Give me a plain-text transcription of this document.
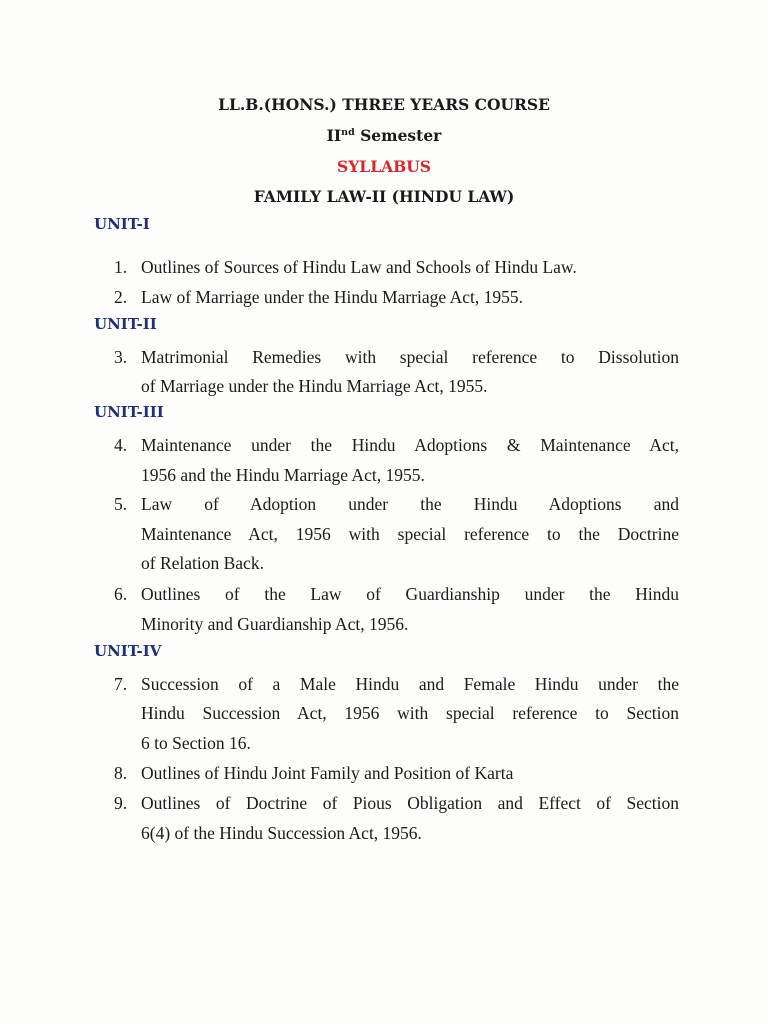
LL.B.(HONS.) THREE YEARS COURSE
IInd Semester
SYLLABUS
FAMILY LAW-II (HINDU LAW)
UNIT-I
1. Outlines of Sources of Hindu Law and Schools of Hindu Law.
2. Law of Marriage under the Hindu Marriage Act, 1955.
UNIT-II
3. Matrimonial Remedies with special reference to Dissolution
of Marriage under the Hindu Marriage Act, 1955.
UNIT-III
4. Maintenance under the Hindu Adoptions & Maintenance Act,
1956 and the Hindu Marriage Act, 1955.
5. Law of Adoption under the Hindu Adoptions and
Maintenance Act, 1956 with special reference to the Doctrine
of Relation Back.
6. Outlines of the Law of Guardianship under the Hindu
Minority and Guardianship Act, 1956.
UNIT-IV
7. Succession of a Male Hindu and Female Hindu under the
Hindu Succession Act, 1956 with special reference to Section
6 to Section 16.
8. Outlines of Hindu Joint Family and Position of Karta
9. Outlines of Doctrine of Pious Obligation and Effect of Section
6(4) of the Hindu Succession Act, 1956.
